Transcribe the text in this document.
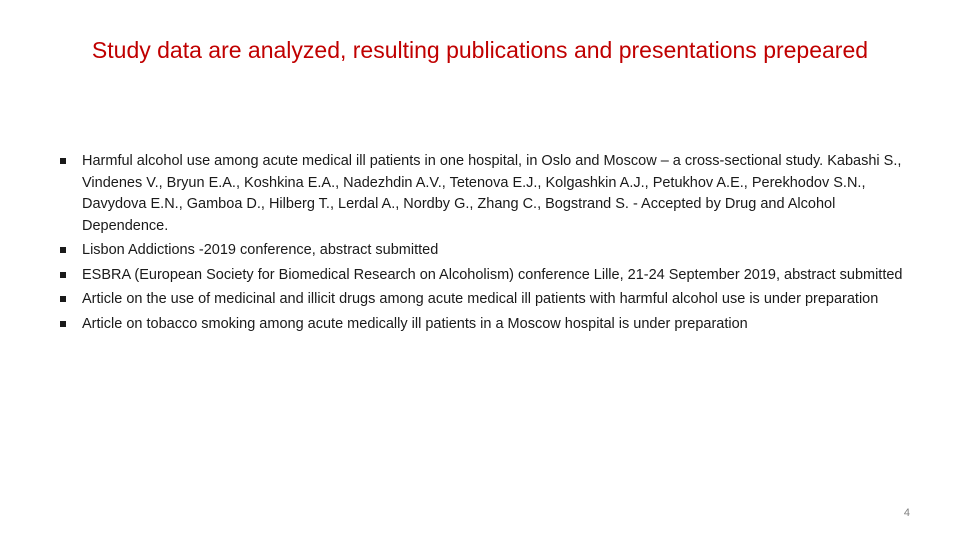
Study data are analyzed, resulting publications and presentations prepeared
Harmful alcohol use among acute medical ill patients in one hospital, in Oslo and Moscow – a cross-sectional study. Kabashi S., Vindenes V., Bryun E.A., Koshkina E.A., Nadezhdin A.V., Tetenova E.J., Kolgashkin A.J., Petukhov A.E., Perekhodov S.N., Davydova E.N., Gamboa D., Hilberg T., Lerdal A., Nordby G., Zhang C., Bogstrand S. - Accepted by Drug and Alcohol Dependence.
Lisbon Addictions -2019 conference, abstract submitted
ESBRA (European Society for Biomedical Research on Alcoholism) conference Lille, 21-24 September 2019, abstract submitted
Article on the use of medicinal and illicit drugs among acute medical ill patients with harmful alcohol use is under preparation
Article on tobacco smoking among acute medically ill patients in a Moscow hospital is under preparation
4
